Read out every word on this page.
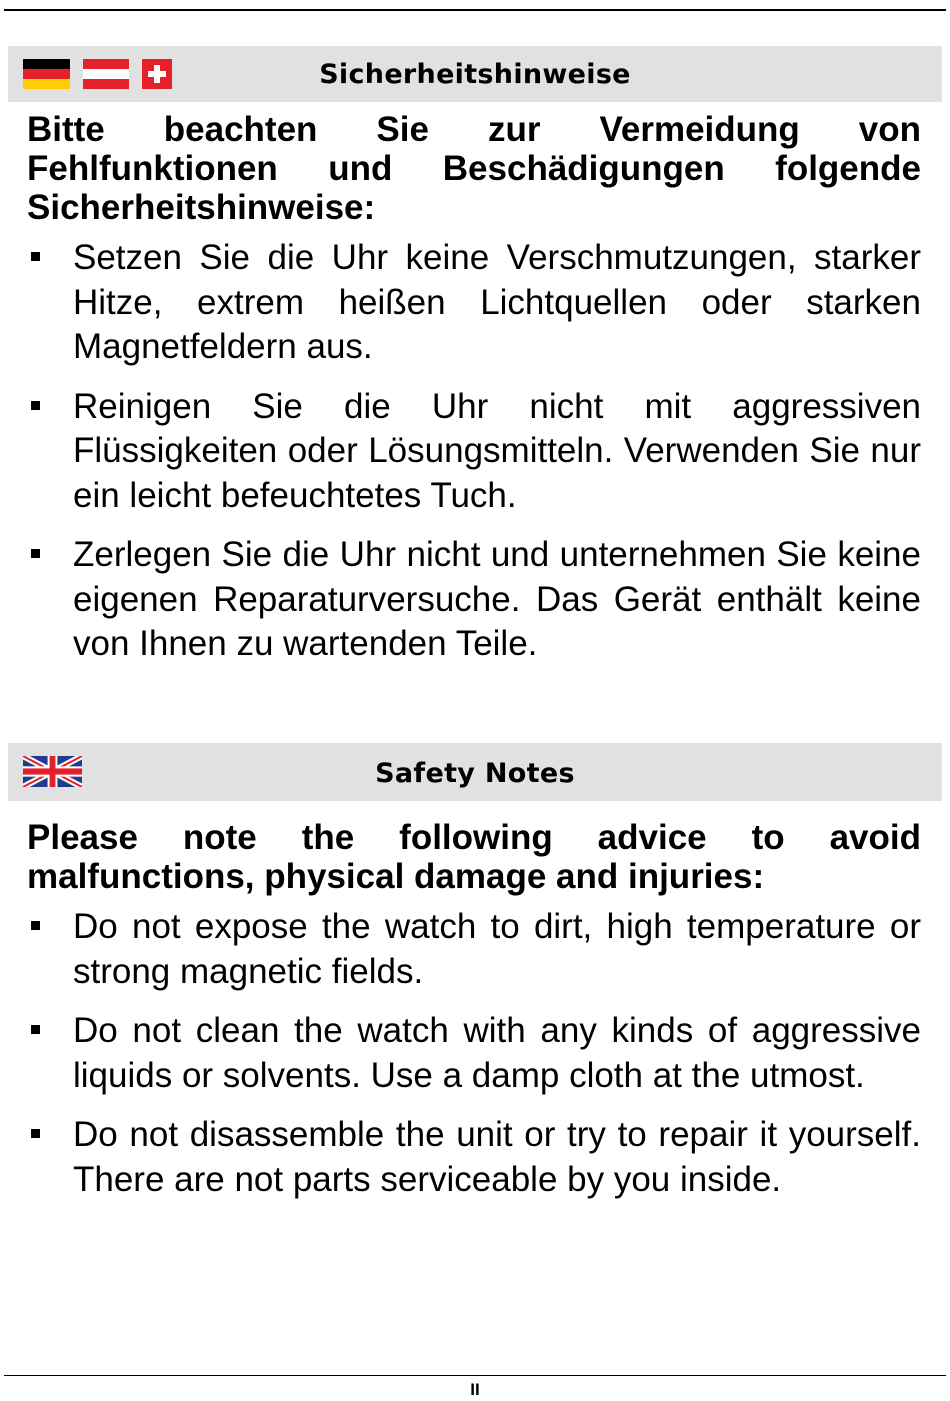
Sicherheitshinweise

Bitte beachten Sie zur Vermeidung von Fehlfunktionen und Beschädigungen folgende Sicherheitshinweise:

Setzen Sie die Uhr keine Verschmutzungen, starker Hitze, extrem heißen Lichtquellen oder starken Magnetfeldern aus.
Reinigen Sie die Uhr nicht mit aggressiven Flüssigkeiten oder Lösungsmitteln. Verwenden Sie nur ein leicht befeuchtetes Tuch.
Zerlegen Sie die Uhr nicht und unternehmen Sie keine eigenen Reparaturversuche. Das Gerät enthält keine von Ihnen zu wartenden Teile.
Safety Notes

Please note the following advice to avoid malfunctions, physical damage and injuries:

Do not expose the watch to dirt, high temperature or strong magnetic fields.
Do not clean the watch with any kinds of aggressive liquids or solvents. Use a damp cloth at the utmost.
Do not disassemble the unit or try to repair it yourself. There are not parts serviceable by you inside.
II
